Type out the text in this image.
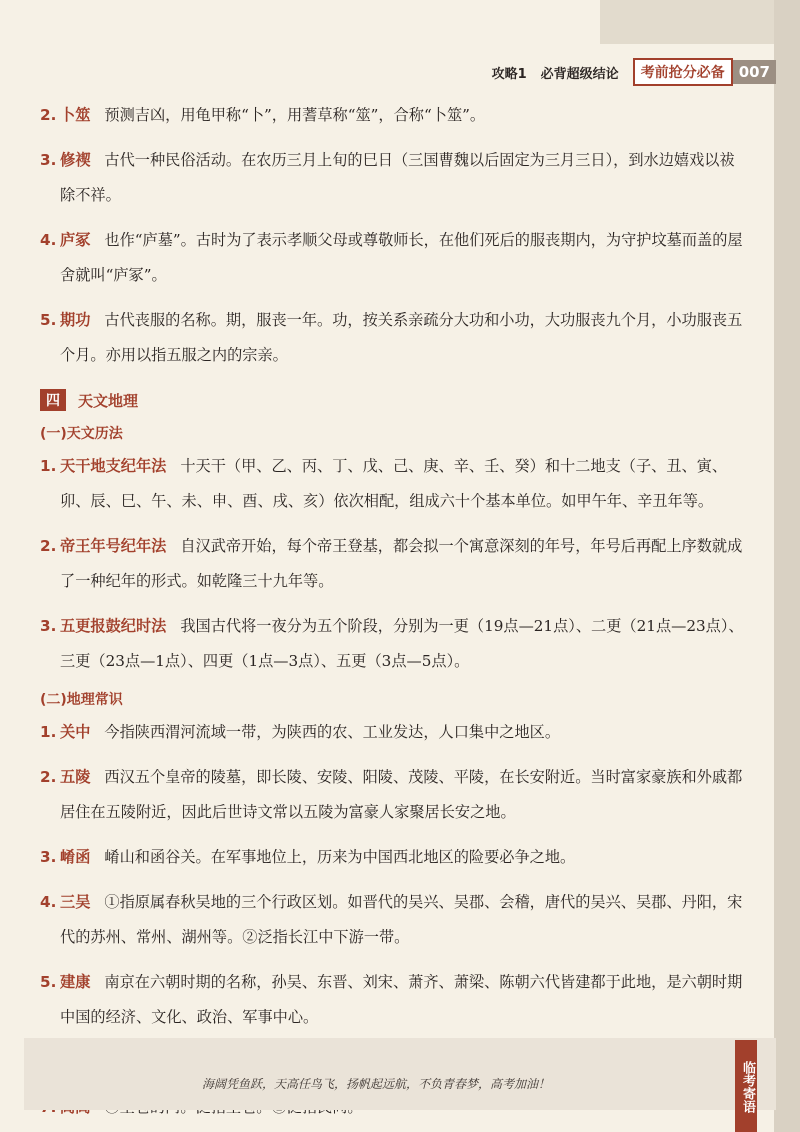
攻略1 必背超级结论	考前抢分必备 007
2. 卜筮 预测吉凶，用龟甲称“卜”，用蓍草称“筮”，合称“卜筮”。
3. 修禊 古代一种民俗活动。在农历三月上旬的巳日（三国曹魏以后固定为三月三日），到水边嬉戏以祓除不祥。
4. 庐冢 也作“庐墓”。古时为了表示孝顺父母或尊敬师长，在他们死后的服丧期内，为守护坟墓而盖的屋舍就叫“庐冢”。
5. 期功 古代丧服的名称。期，服丧一年。功，按关系亲疏分大功和小功，大功服丧九个月，小功服丧五个月。亦用以指五服之内的宗亲。
四	天文地理
(一)天文历法
1. 天干地支纪年法 十天干（甲、乙、丙、丁、戊、己、庚、辛、壬、癸）和十二地支（子、丑、寅、卯、辰、巳、午、未、申、酉、戌、亥）依次相配，组成六十个基本单位。如甲午年、辛丑年等。
2. 帝王年号纪年法 自汉武帝开始，每个帝王登基，都会拟一个寓意深刻的年号，年号后再配上序数就成了一种纪年的形式。如乾隆三十九年等。
3. 五更报鼓纪时法 我国古代将一夜分为五个阶段，分别为一更（19点—21点）、二更（21点—23点）、三更（23点—1点）、四更（1点—3点）、五更（3点—5点）。
(二)地理常识
1. 关中 今指陕西渭河流域一带，为陕西的农、工业发达，人口集中之地区。
2. 五陵 西汉五个皇帝的陵墓，即长陵、安陵、阳陵、茂陵、平陵，在长安附近。当时富家豪族和外戚都居住在五陵附近，因此后世诗文常以五陵为富豪人家聚居长安之地。
3. 崤函 崤山和函谷关。在军事地位上，历来为中国西北地区的险要必争之地。
4. 三吴 ①指原属春秋吴地的三个行政区划。如晋代的吴兴、吴郡、会稽，唐代的吴兴、吴郡、丹阳，宋代的苏州、常州、湖州等。②泛指长江中下游一带。
5. 建康 南京在六朝时期的名称，孙吴、东晋、刘宋、萧齐、萧梁、陈朝六代皆建都于此地，是六朝时期中国的经济、文化、政治、军事中心。
海阔凭鱼跃，天高任鸟飞，扬帆起远航，不负青春梦，高考加油！	临考寄语
